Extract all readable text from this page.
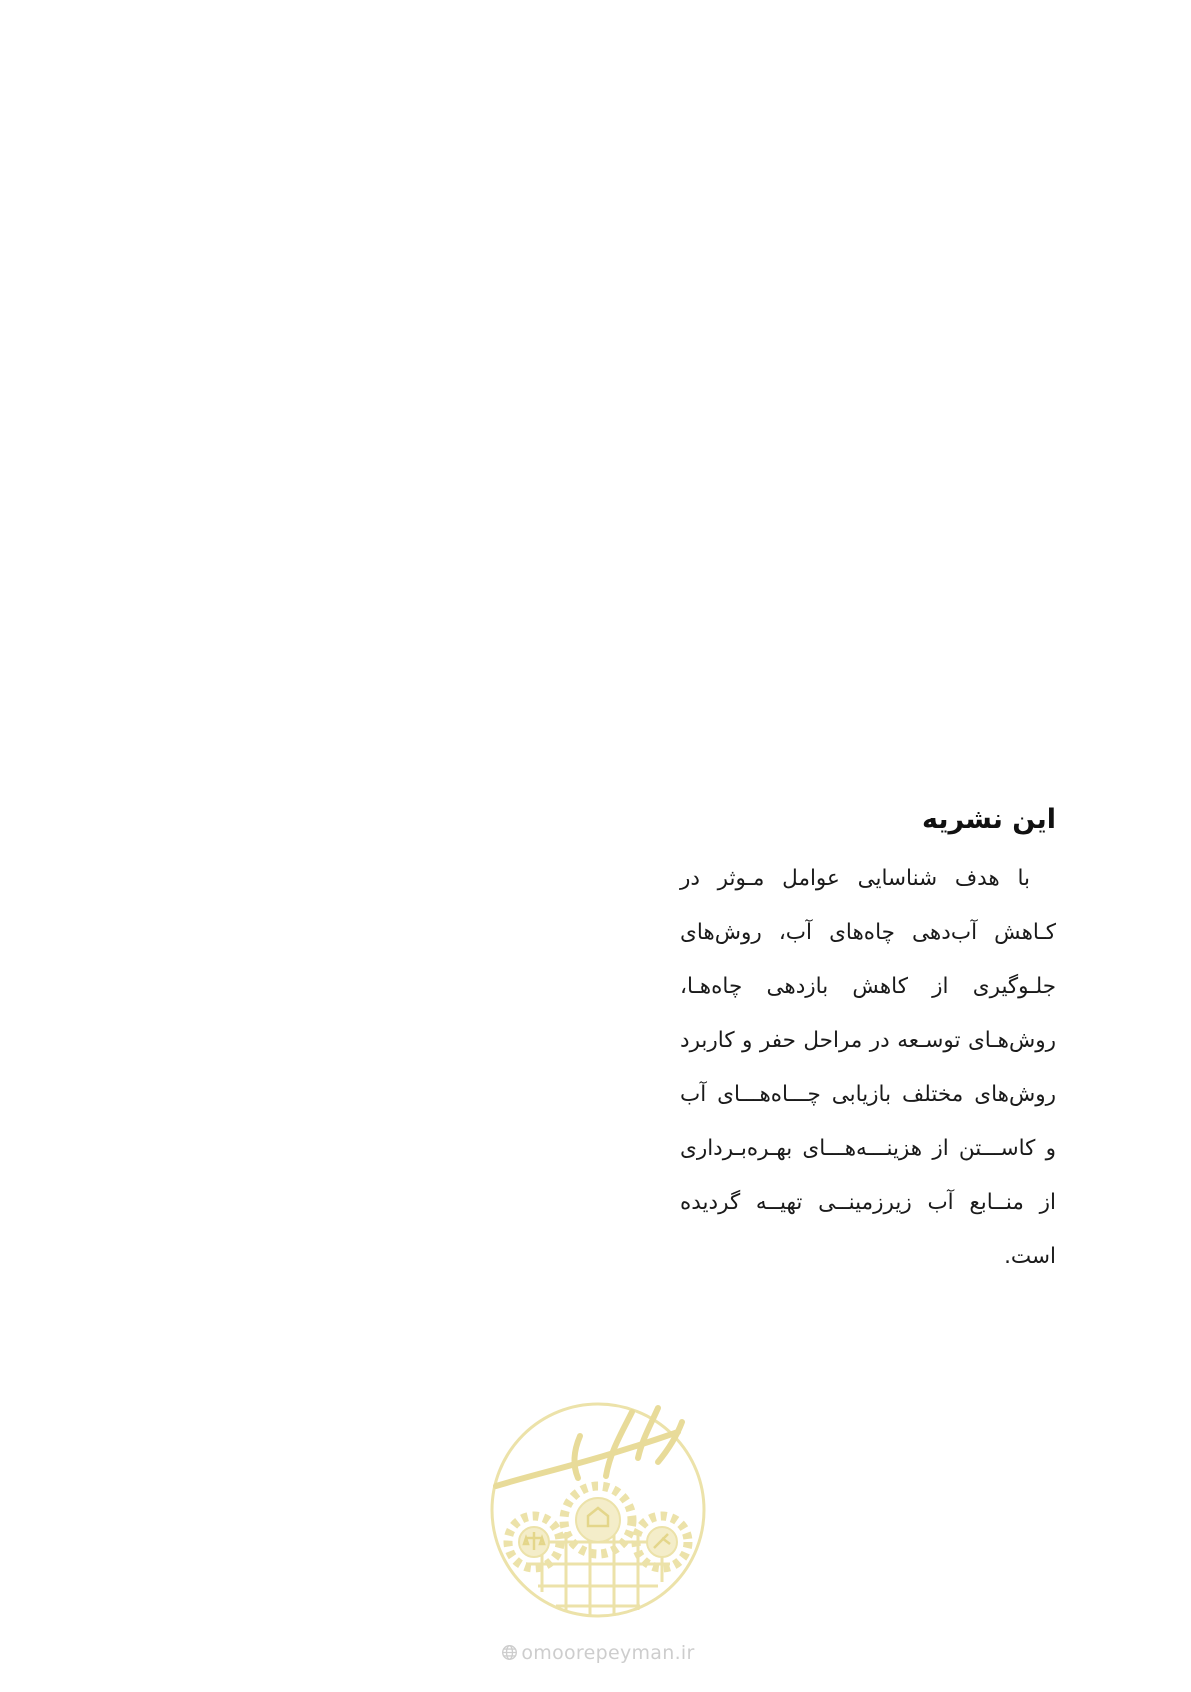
این نشریه

با هدف شناسایی عوامل مـوثر در کـاهش آب‌دهی چاه‌های آب، روش‌های جلـوگیری از کاهش بازدهی چاه‌هـا، روش‌هـای توسـعه در مراحل حفر و کاربرد روش‌های مختلف بازیابی چـــاه‌هـــای آب و کاســـتن از هزینـــه‌هـــای بهـره‌بـرداری از منــابع آب زیرزمینــی تهیــه گردیده است.

omoorepeyman.ir
